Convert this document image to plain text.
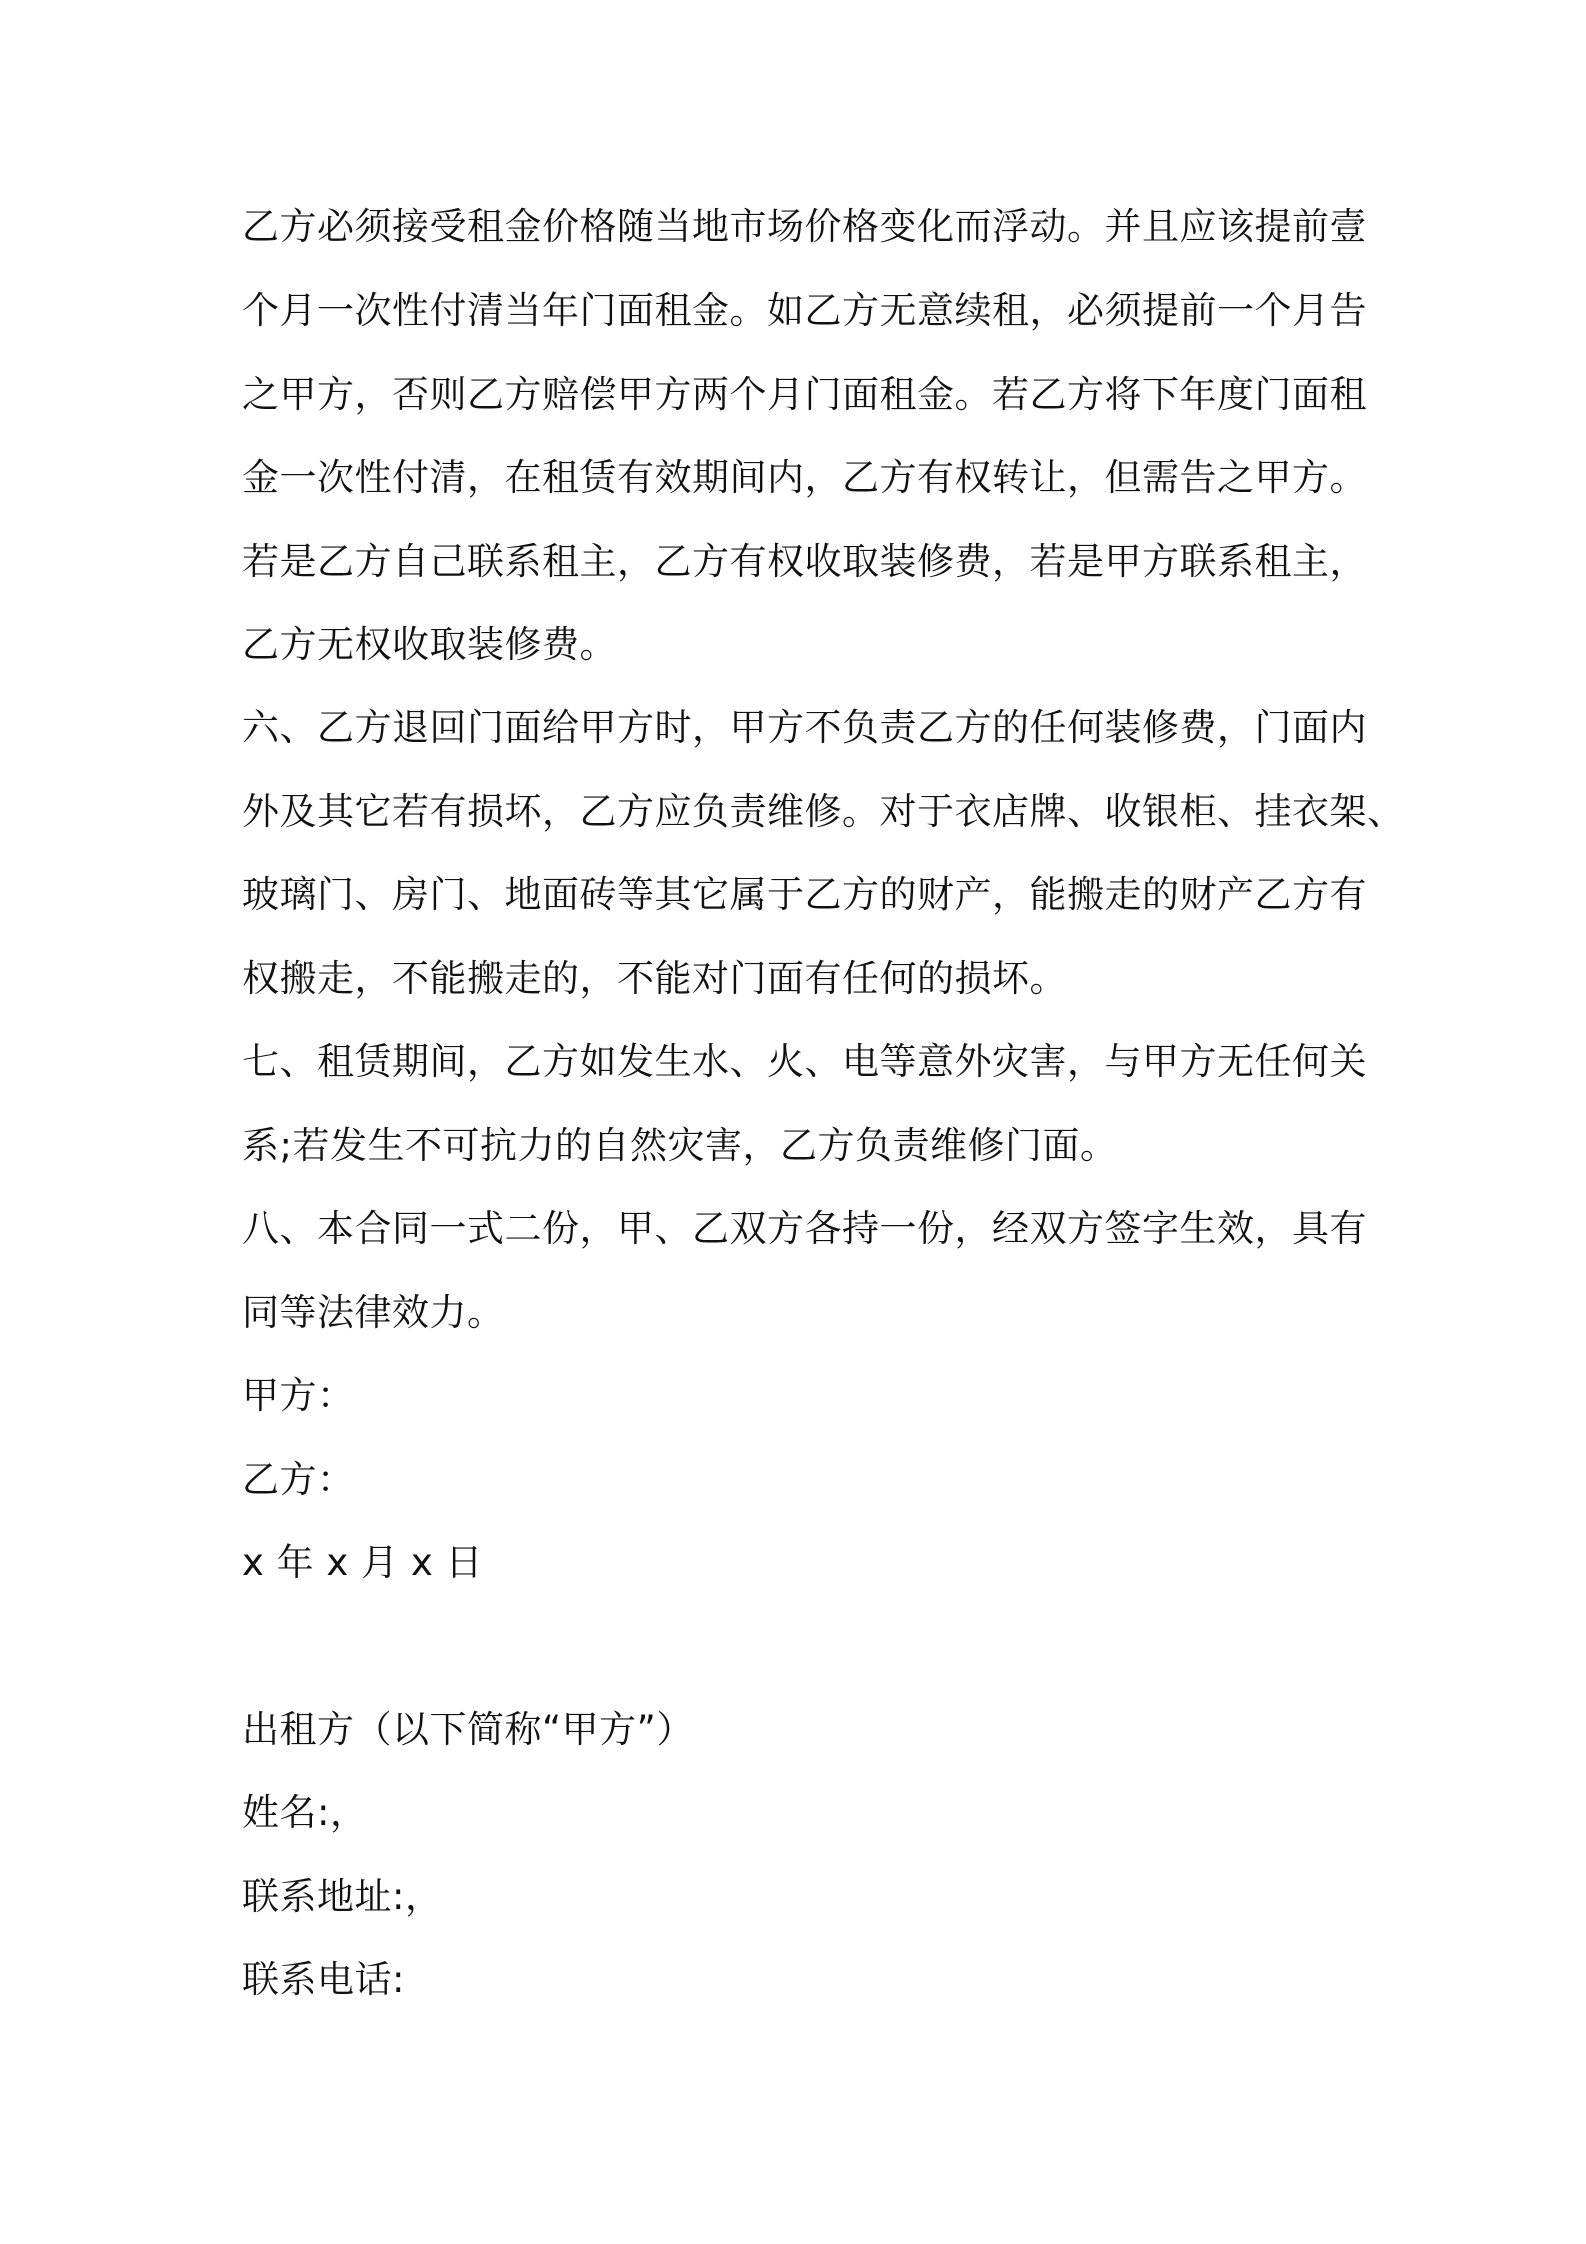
乙方必须接受租金价格随当地市场价格变化而浮动。并且应该提前壹
个月一次性付清当年门面租金。如乙方无意续租，必须提前一个月告
之甲方，否则乙方赔偿甲方两个月门面租金。若乙方将下年度门面租
金一次性付清，在租赁有效期间内，乙方有权转让，但需告之甲方。
若是乙方自己联系租主，乙方有权收取装修费，若是甲方联系租主，
乙方无权收取装修费。
六、乙方退回门面给甲方时，甲方不负责乙方的任何装修费，门面内
外及其它若有损坏，乙方应负责维修。对于衣店牌、收银柜、挂衣架、
玻璃门、房门、地面砖等其它属于乙方的财产，能搬走的财产乙方有
权搬走，不能搬走的，不能对门面有任何的损坏。
七、租赁期间，乙方如发生水、火、电等意外灾害，与甲方无任何关
系;若发生不可抗力的自然灾害，乙方负责维修门面。
八、本合同一式二份，甲、乙双方各持一份，经双方签字生效，具有
同等法律效力。
甲方：
乙方：
x 年 x 月 x 日
出租方（以下简称“甲方”）
姓名:，
联系地址:，
联系电话:
